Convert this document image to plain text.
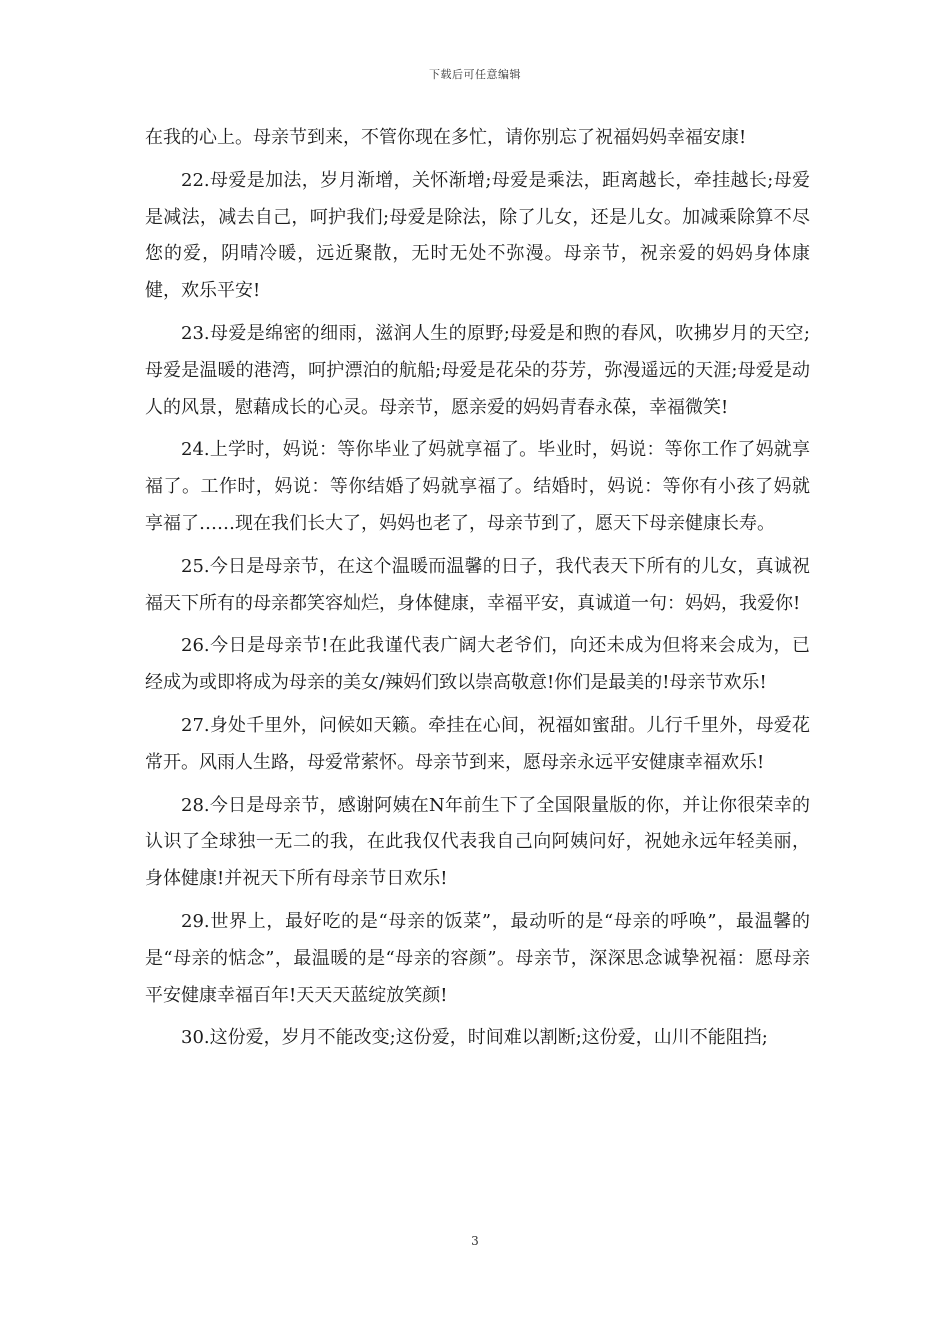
下载后可任意编辑

在我的心上。母亲节到来，不管你现在多忙，请你别忘了祝福妈妈幸福安康!

22.母爱是加法，岁月渐增，关怀渐增;母爱是乘法，距离越长，牵挂越长;母爱是减法，减去自己，呵护我们;母爱是除法，除了儿女，还是儿女。加减乘除算不尽您的爱，阴晴冷暖，远近聚散，无时无处不弥漫。母亲节，祝亲爱的妈妈身体康健，欢乐平安!

23.母爱是绵密的细雨，滋润人生的原野;母爱是和煦的春风，吹拂岁月的天空;母爱是温暖的港湾，呵护漂泊的航船;母爱是花朵的芬芳，弥漫遥远的天涯;母爱是动人的风景，慰藉成长的心灵。母亲节，愿亲爱的妈妈青春永葆，幸福微笑!

24.上学时，妈说：等你毕业了妈就享福了。毕业时，妈说：等你工作了妈就享福了。工作时，妈说：等你结婚了妈就享福了。结婚时，妈说：等你有小孩了妈就享福了……现在我们长大了，妈妈也老了，母亲节到了，愿天下母亲健康长寿。

25.今日是母亲节，在这个温暖而温馨的日子，我代表天下所有的儿女，真诚祝福天下所有的母亲都笑容灿烂，身体健康，幸福平安，真诚道一句：妈妈，我爱你!

26.今日是母亲节!在此我谨代表广阔大老爷们，向还未成为但将来会成为，已经成为或即将成为母亲的美女/辣妈们致以崇高敬意!你们是最美的!母亲节欢乐!

27.身处千里外，问候如天籁。牵挂在心间，祝福如蜜甜。儿行千里外，母爱花常开。风雨人生路，母爱常萦怀。母亲节到来，愿母亲永远平安健康幸福欢乐!

28.今日是母亲节，感谢阿姨在N年前生下了全国限量版的你，并让你很荣幸的认识了全球独一无二的我，在此我仅代表我自己向阿姨问好，祝她永远年轻美丽，身体健康!并祝天下所有母亲节日欢乐!

29.世界上，最好吃的是“母亲的饭菜”，最动听的是“母亲的呼唤”，最温馨的是“母亲的惦念”，最温暖的是“母亲的容颜”。母亲节，深深思念诚挚祝福：愿母亲平安健康幸福百年!天天天蓝绽放笑颜!

30.这份爱，岁月不能改变;这份爱，时间难以割断;这份爱，山川不能阻挡;

3
